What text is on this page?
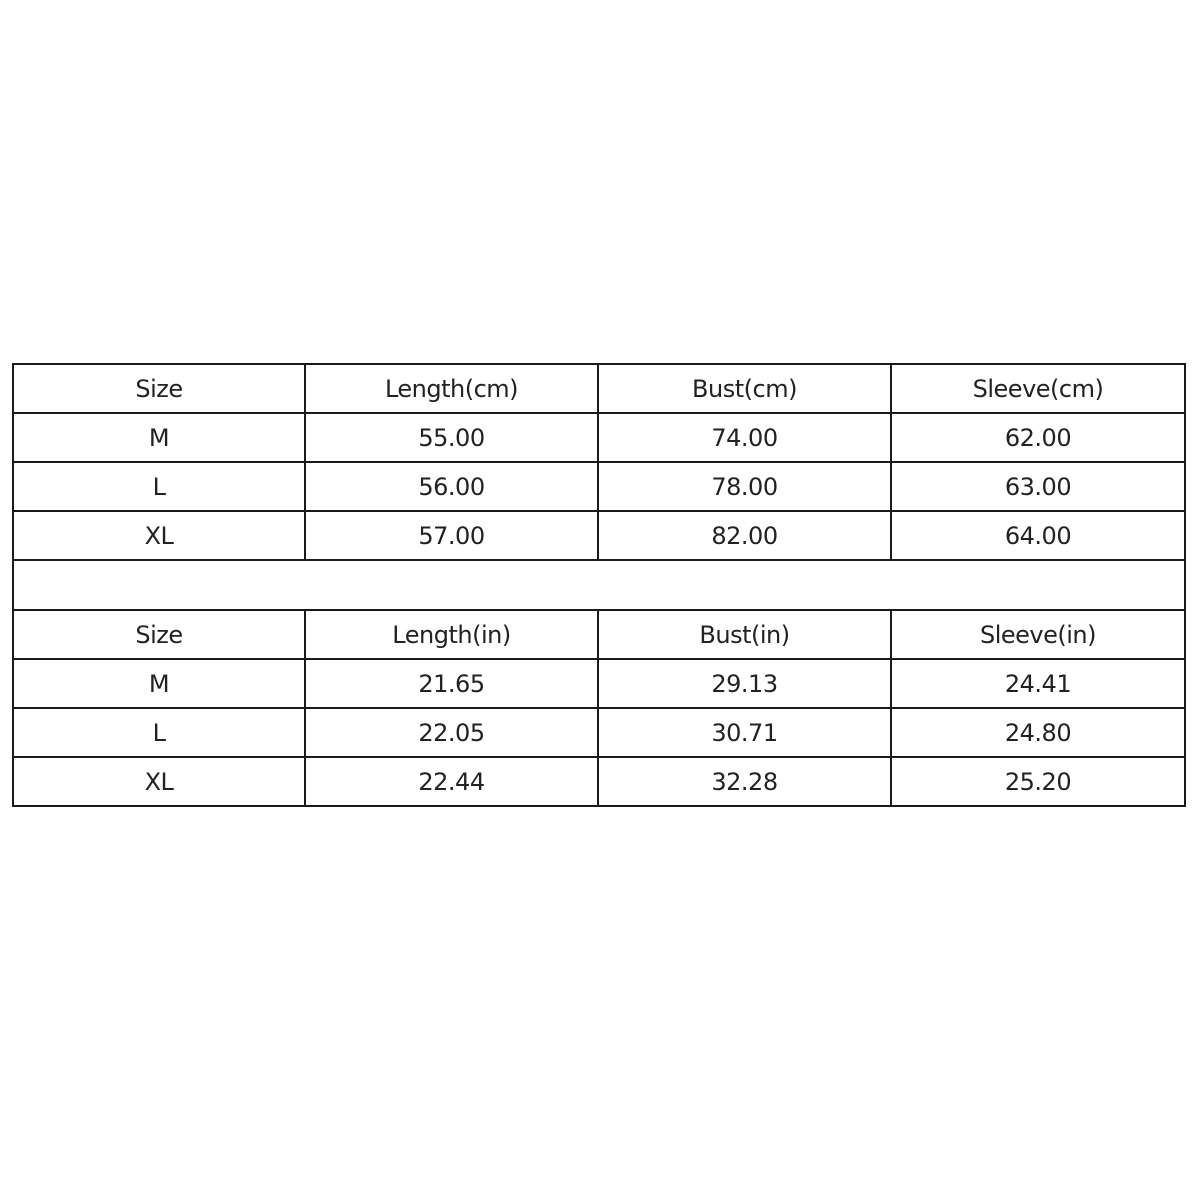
Size	Length(cm)	Bust(cm)	Sleeve(cm)
M	55.00	74.00	62.00
L	56.00	78.00	63.00
XL	57.00	82.00	64.00

Size	Length(in)	Bust(in)	Sleeve(in)
M	21.65	29.13	24.41
L	22.05	30.71	24.80
XL	22.44	32.28	25.20
